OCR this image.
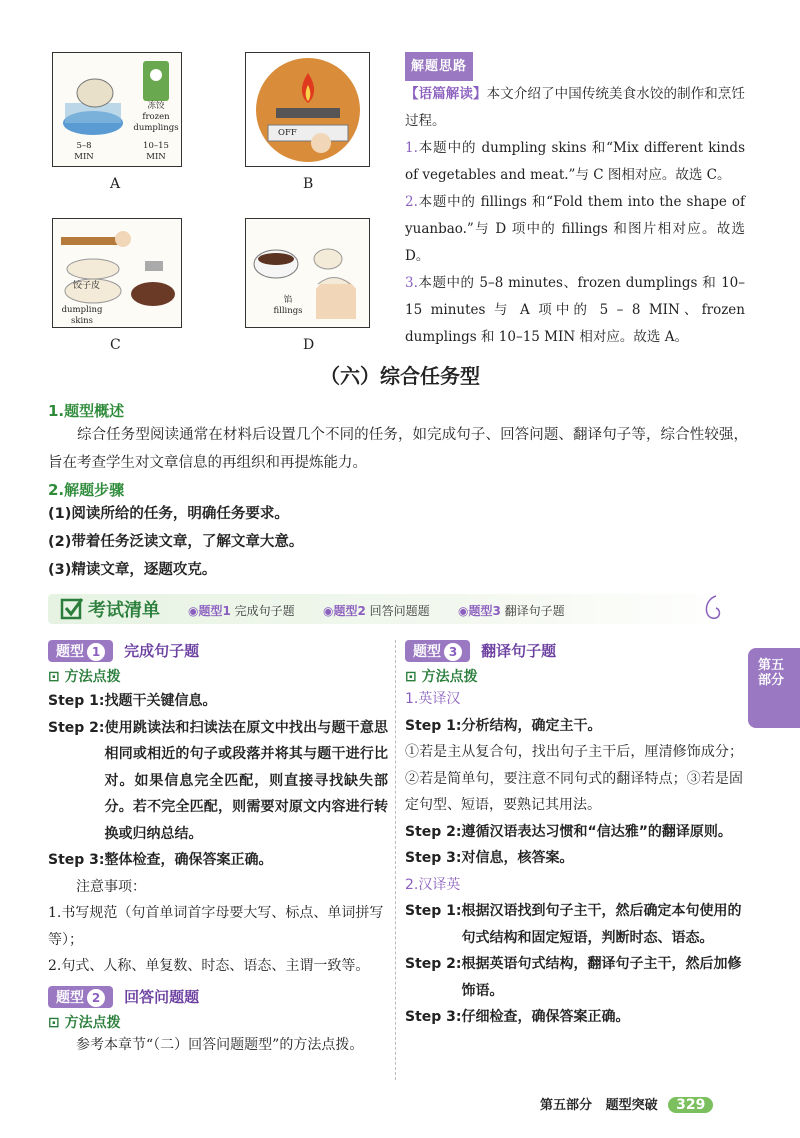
5–8
MIN
冻饺
frozen
dumplings
10–15
MIN
A
OFF
B
饺子皮
dumpling
skins
C
馅
fillings
D
解题思路

【语篇解读】本文介绍了中国传统美食水饺的制作和烹饪过程。

1.本题中的 dumpling skins 和“Mix different kinds of vegetables and meat.”与 C 图相对应。故选 C。

2.本题中的 fillings 和“Fold them into the shape of yuanbao.”与 D 项中的 fillings 和图片相对应。故选 D。

3.本题中的 5–8 minutes、frozen dumplings 和 10–15 minutes 与 A 项中的 5 – 8 MIN、frozen dumplings 和 10–15 MIN 相对应。故选 A。

（六）综合任务型
1.题型概述

综合任务型阅读通常在材料后设置几个不同的任务，如完成句子、回答问题、翻译句子等，综合性较强，旨在考查学生对文章信息的再组织和再提炼能力。

2.解题步骤
(1)阅读所给的任务，明确任务要求。
(2)带着任务泛读文章，了解文章大意。
(3)精读文章，逐题攻克。
考试清单 ◉题型1 完成句子题 ◉题型2 回答问题题 ◉题型3 翻译句子题
题型 1 完成句子题
⊡ 方法点拨
Step 1:找题干关键信息。
Step 2: 使用跳读法和扫读法在原文中找出与题干意思相同或相近的句子或段落并将其与题干进行比对。如果信息完全匹配，则直接寻找缺失部分。若不完全匹配，则需要对原文内容进行转换或归纳总结。
Step 3:整体检查，确保答案正确。
注意事项：
1.书写规范（句首单词首字母要大写、标点、单词拼写等）；
2.句式、人称、单复数、时态、语态、主谓一致等。
题型 2 回答问题题
⊡ 方法点拨
参考本章节“（二）回答问题题型”的方法点拨。
题型 3 翻译句子题
⊡ 方法点拨
1.英译汉
Step 1:分析结构，确定主干。
①若是主从复合句，找出句子主干后，厘清修饰成分；②若是简单句，要注意不同句式的翻译特点；③若是固定句型、短语，要熟记其用法。
Step 2: 遵循汉语表达习惯和“信达雅”的翻译原则。
Step 3:对信息，核答案。
2.汉译英
Step 1: 根据汉语找到句子主干，然后确定本句使用的句式结构和固定短语，判断时态、语态。
Step 2: 根据英语句式结构，翻译句子主干，然后加修饰语。
Step 3:仔细检查，确保答案正确。
第五部分
第五部分 题型突破 329
